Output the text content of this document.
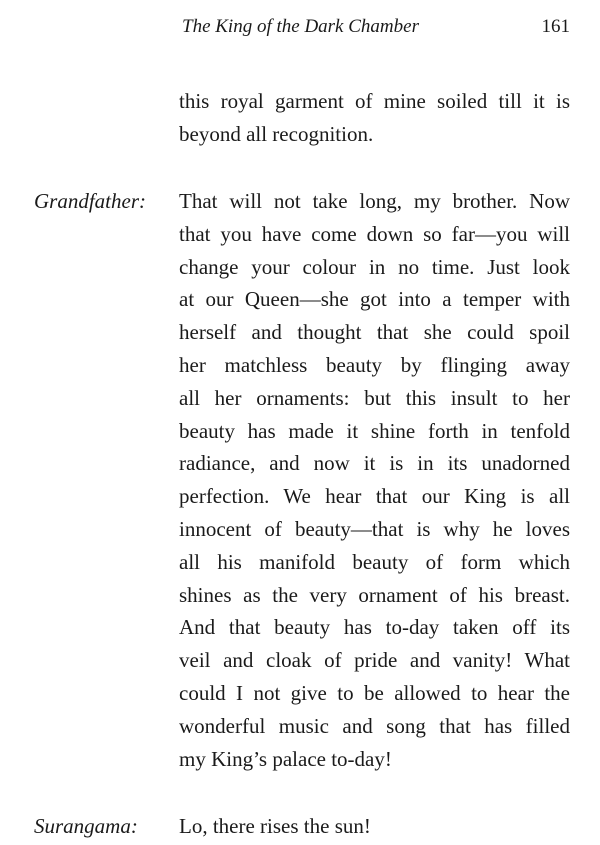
The King of the Dark Chamber	161
this royal garment of mine soiled till it is
beyond all recognition.
Grandfather: That will not take long, my brother. Now
that you have come down so far—you will
change your colour in no time. Just look
at our Queen—she got into a temper with
herself and thought that she could spoil
her matchless beauty by flinging away
all her ornaments: but this insult to her
beauty has made it shine forth in tenfold
radiance, and now it is in its unadorned
perfection. We hear that our King is all
innocent of beauty—that is why he loves
all his manifold beauty of form which
shines as the very ornament of his breast.
And that beauty has to-day taken off its
veil and cloak of pride and vanity! What
could I not give to be allowed to hear the
wonderful music and song that has filled
my King’s palace to-day!
Surangama: Lo, there rises the sun!
